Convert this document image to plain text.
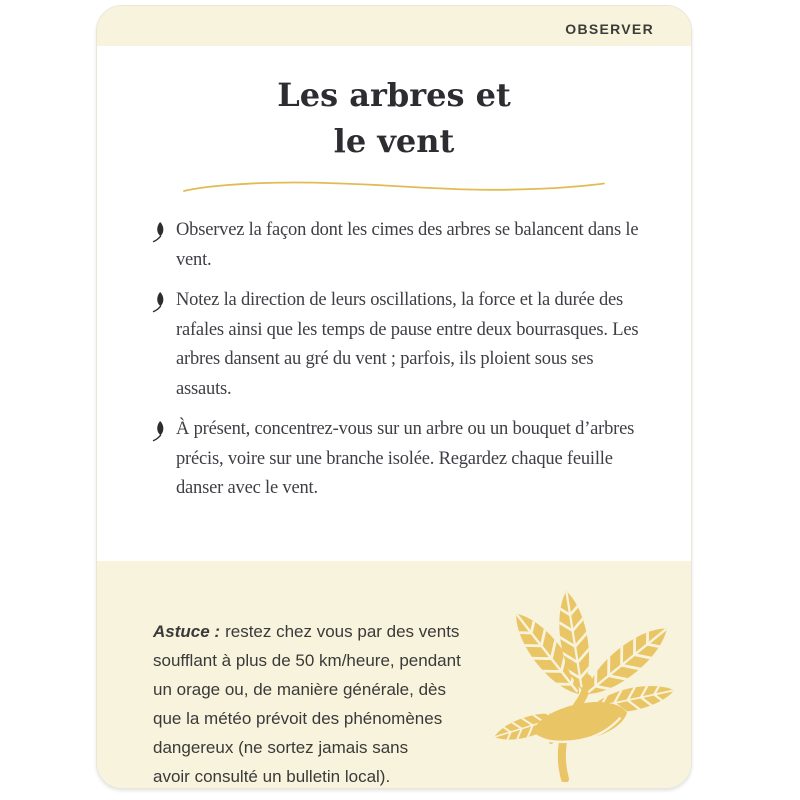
OBSERVER
Les arbres et
le vent
Observez la façon dont les cimes des arbres se balancent dans le vent.
Notez la direction de leurs oscillations, la force et la durée des rafales ainsi que les temps de pause entre deux bourrasques. Les arbres dansent au gré du vent ; parfois, ils ploient sous ses assauts.
À présent, concentrez-vous sur un arbre ou un bouquet d’arbres précis, voire sur une branche isolée. Regardez chaque feuille danser avec le vent.
Astuce : restez chez vous par des vents
soufflant à plus de 50 km/heure, pendant
un orage ou, de manière générale, dès
que la météo prévoit des phénomènes
dangereux (ne sortez jamais sans
avoir consulté un bulletin local).
